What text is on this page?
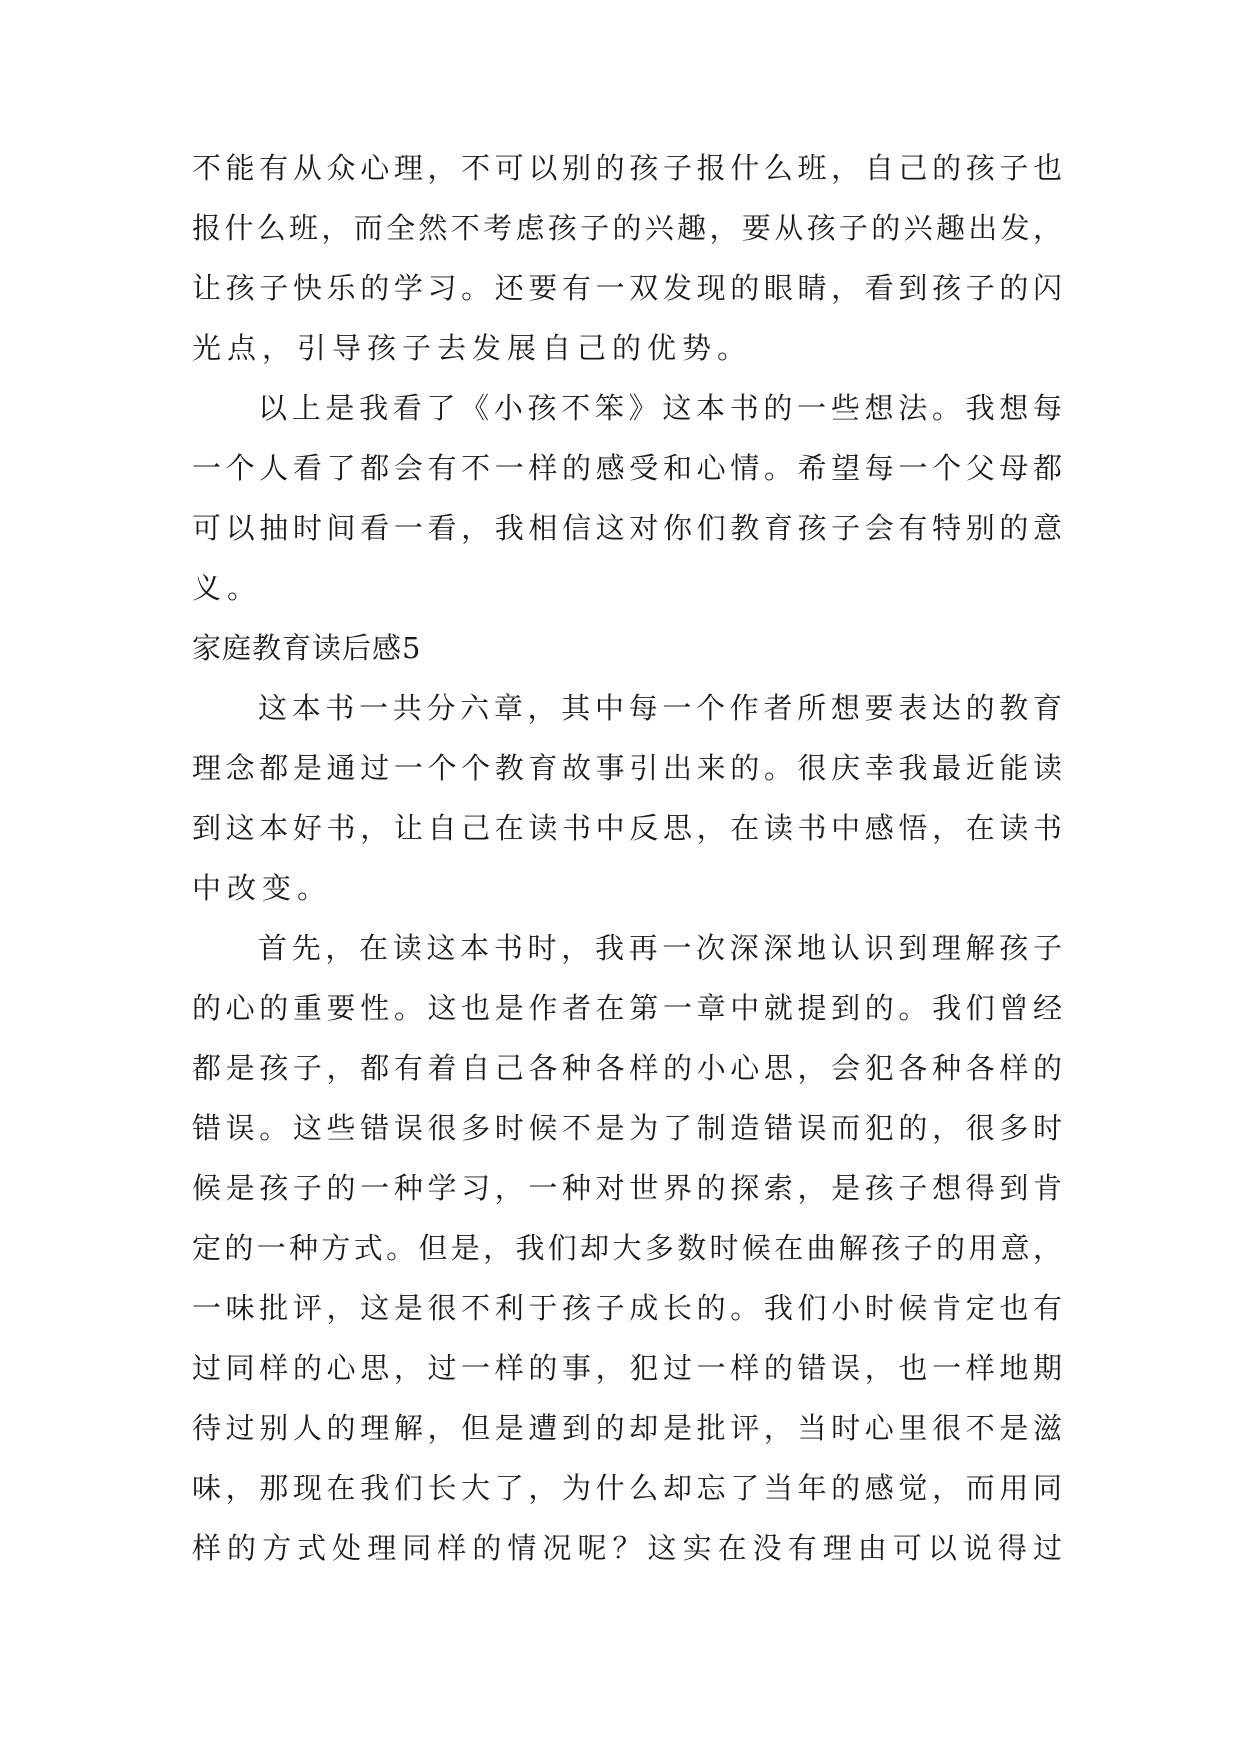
不能有从众心理，不可以别的孩子报什么班，自己的孩子也
报什么班，而全然不考虑孩子的兴趣，要从孩子的兴趣出发，
让孩子快乐的学习。还要有一双发现的眼睛，看到孩子的闪
光点，引导孩子去发展自己的优势。
以上是我看了《小孩不笨》这本书的一些想法。我想每
一个人看了都会有不一样的感受和心情。希望每一个父母都
可以抽时间看一看，我相信这对你们教育孩子会有特别的意
义。
家庭教育读后感5
这本书一共分六章，其中每一个作者所想要表达的教育
理念都是通过一个个教育故事引出来的。很庆幸我最近能读
到这本好书，让自己在读书中反思，在读书中感悟，在读书
中改变。
首先，在读这本书时，我再一次深深地认识到理解孩子
的心的重要性。这也是作者在第一章中就提到的。我们曾经
都是孩子，都有着自己各种各样的小心思，会犯各种各样的
错误。这些错误很多时候不是为了制造错误而犯的，很多时
候是孩子的一种学习，一种对世界的探索，是孩子想得到肯
定的一种方式。但是，我们却大多数时候在曲解孩子的用意，
一味批评，这是很不利于孩子成长的。我们小时候肯定也有
过同样的心思，过一样的事，犯过一样的错误，也一样地期
待过别人的理解，但是遭到的却是批评，当时心里很不是滋
味，那现在我们长大了，为什么却忘了当年的感觉，而用同
样的方式处理同样的情况呢？这实在没有理由可以说得过
